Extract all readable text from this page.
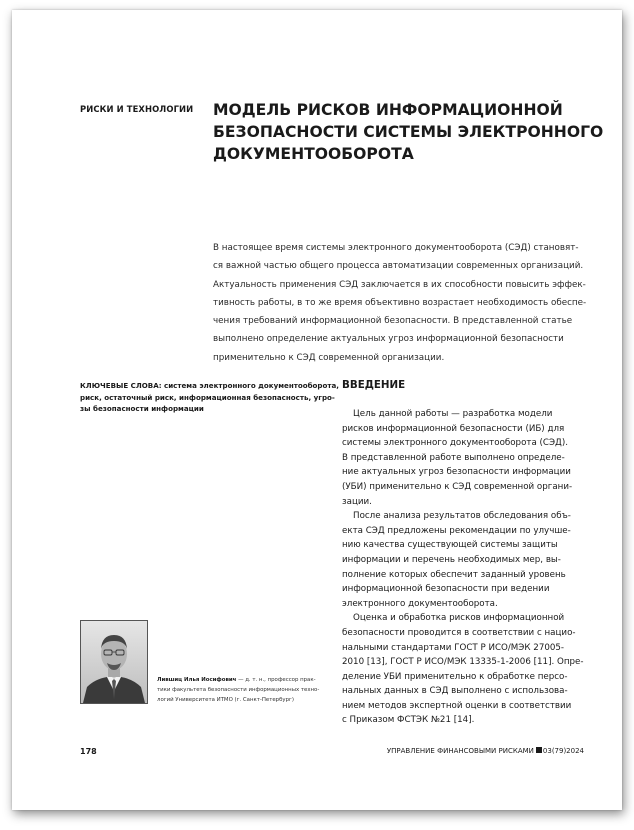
РИСКИ И ТЕХНОЛОГИИ МОДЕЛЬ РИСКОВ ИНФОРМАЦИОННОЙ
БЕЗОПАСНОСТИ СИСТЕМЫ ЭЛЕКТРОННОГО
ДОКУМЕНТООБОРОТА
В настоящее время системы электронного документооборота (СЭД) становят-
ся важной частью общего процесса автоматизации современных организаций.
Актуальность применения СЭД заключается в их способности повысить эффек-
тивность работы, в то же время объективно возрастает необходимость обеспе-
чения требований информационной безопасности. В представленной статье
выполнено определение актуальных угроз информационной безопасности
применительно к СЭД современной организации.
КЛЮЧЕВЫЕ СЛОВА: система электронного документооборота,
риск, остаточный риск, информационная безопасность, угро-
зы безопасности информации
ВВЕДЕНИЕ
Цель данной работы — разработка модели
рисков информационной безопасности (ИБ) для
системы электронного документооборота (СЭД).
В представленной работе выполнено определе-
ние актуальных угроз безопасности информации
(УБИ) применительно к СЭД современной органи-
зации.
После анализа результатов обследования объ-
екта СЭД предложены рекомендации по улучше-
нию качества существующей системы защиты
информации и перечень необходимых мер, вы-
полнение которых обеспечит заданный уровень
информационной безопасности при ведении
электронного документооборота.
Оценка и обработка рисков информационной
безопасности проводится в соответствии с нацио-
нальными стандартами ГОСТ Р ИСО/МЭК 27005-
2010 [13], ГОСТ Р ИСО/МЭК 13335-1-2006 [11]. Опре-
деление УБИ применительно к обработке персо-
нальных данных в СЭД выполнено с использова-
нием методов экспертной оценки в соответствии
с Приказом ФСТЭК №21 [14].
Лившиц Илья Иосифович — д. т. н., профессор прак-
тики факультета безопасности информационных техно-
логий Университета ИТМО (г. Санкт-Петербург)
178	УПРАВЛЕНИЕ ФИНАНСОВЫМИ РИСКАМИ 03(79)2024
